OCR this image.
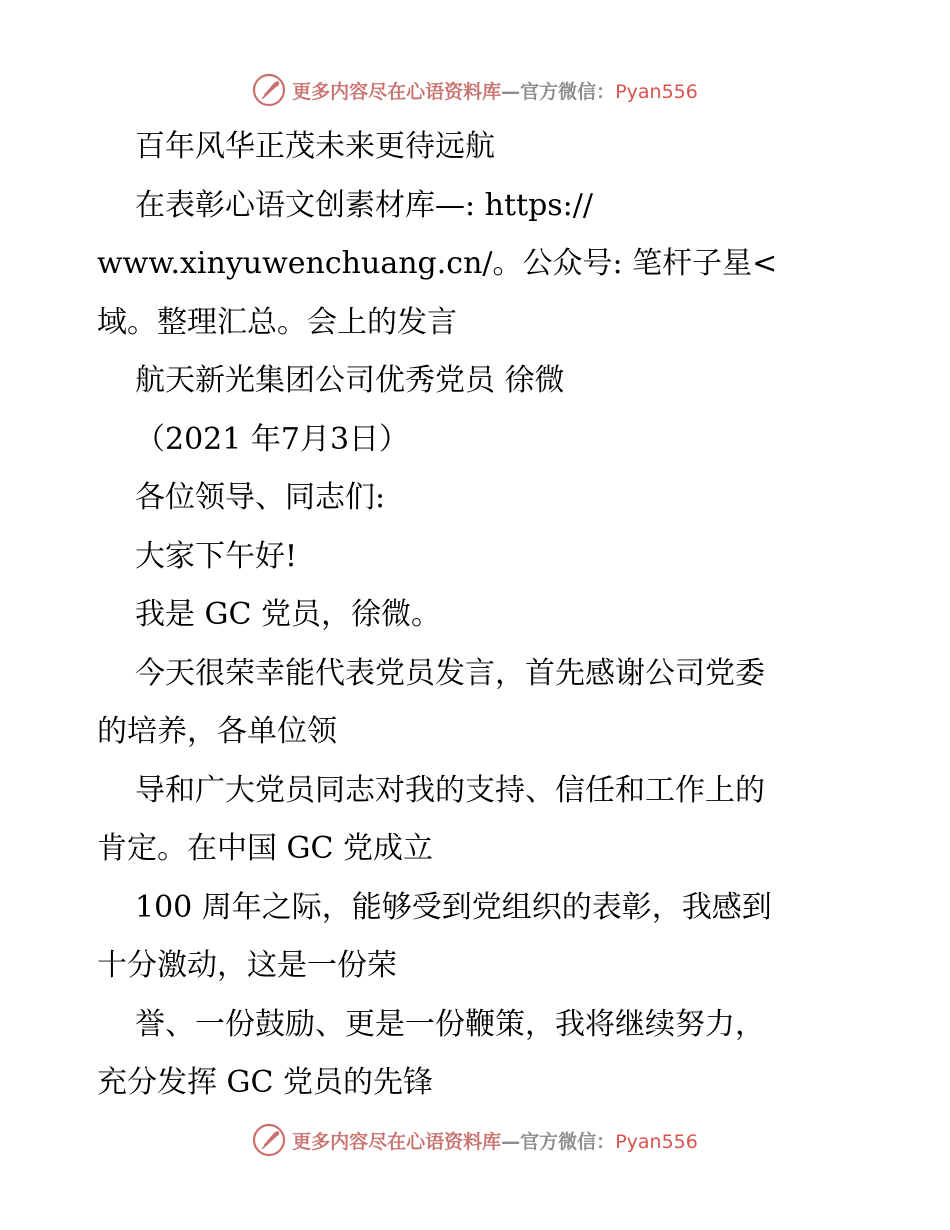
更多内容尽在心语资料库—官方微信：Pyan556
百年风华正茂未来更待远航
在表彰心语文创素材库—: https://
www.xinyuwenchuang.cn/。公众号: 笔杆子星<
域。整理汇总。会上的发言
航天新光集团公司优秀党员 徐微
（2021 年7月3日）
各位领导、同志们:
大家下午好!
我是 GC 党员，徐微。
今天很荣幸能代表党员发言，首先感谢公司党委
的培养，各单位领
导和广大党员同志对我的支持、信任和工作上的
肯定。在中国 GC 党成立
100 周年之际，能够受到党组织的表彰，我感到
十分激动，这是一份荣
誉、一份鼓励、更是一份鞭策，我将继续努力，
充分发挥 GC 党员的先锋
更多内容尽在心语资料库—官方微信：Pyan556
